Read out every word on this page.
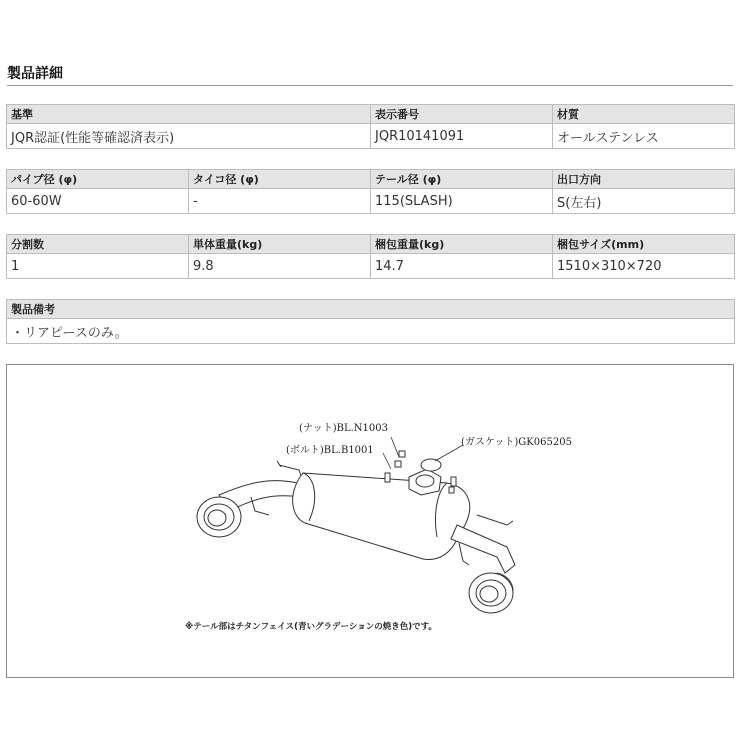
製品詳細
基準	表示番号	材質
JQR認証(性能等確認済表示)	JQR10141091	オールステンレス
パイプ径 (φ)	タイコ径 (φ)	テール径 (φ)	出口方向
60-60W	-	115(SLASH)	S(左右)
分割数	単体重量(kg)	梱包重量(kg)	梱包サイズ(mm)
1	9.8	14.7	1510×310×720
製品備考
・リアピースのみ。
(ナット)BL.N1003
(ボルト)BL.B1001
(ガスケット)GK065205
※テール部はチタンフェイス(青いグラデーションの焼き色)です。
